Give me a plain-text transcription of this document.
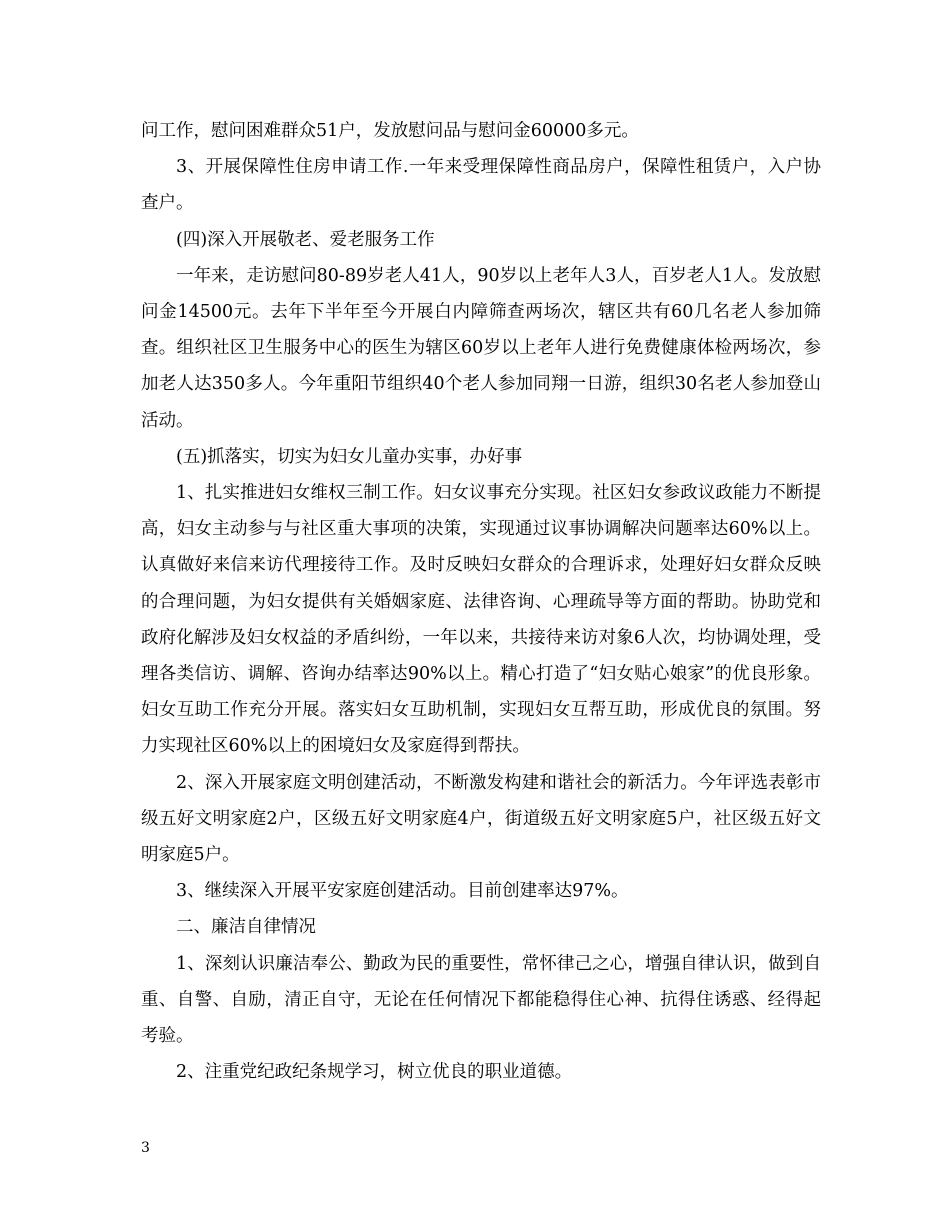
问工作，慰问困难群众51户，发放慰问品与慰问金60000多元。

3、开展保障性住房申请工作.一年来受理保障性商品房户，保障性租赁户，入户协查户。

(四)深入开展敬老、爱老服务工作

一年来，走访慰问80-89岁老人41人，90岁以上老年人3人，百岁老人1人。发放慰问金14500元。去年下半年至今开展白内障筛查两场次，辖区共有60几名老人参加筛查。组织社区卫生服务中心的医生为辖区60岁以上老年人进行免费健康体检两场次，参加老人达350多人。今年重阳节组织40个老人参加同翔一日游，组织30名老人参加登山活动。

(五)抓落实，切实为妇女儿童办实事，办好事

1、扎实推进妇女维权三制工作。妇女议事充分实现。社区妇女参政议政能力不断提高，妇女主动参与与社区重大事项的决策，实现通过议事协调解决问题率达60%以上。认真做好来信来访代理接待工作。及时反映妇女群众的合理诉求，处理好妇女群众反映的合理问题，为妇女提供有关婚姻家庭、法律咨询、心理疏导等方面的帮助。协助党和政府化解涉及妇女权益的矛盾纠纷，一年以来，共接待来访对象6人次，均协调处理，受理各类信访、调解、咨询办结率达90%以上。精心打造了“妇女贴心娘家”的优良形象。妇女互助工作充分开展。落实妇女互助机制，实现妇女互帮互助，形成优良的氛围。努力实现社区60%以上的困境妇女及家庭得到帮扶。

2、深入开展家庭文明创建活动，不断激发构建和谐社会的新活力。今年评选表彰市级五好文明家庭2户，区级五好文明家庭4户，街道级五好文明家庭5户，社区级五好文明家庭5户。

3、继续深入开展平安家庭创建活动。目前创建率达97%。

二、廉洁自律情况

1、深刻认识廉洁奉公、勤政为民的重要性，常怀律己之心，增强自律认识，做到自重、自警、自励，清正自守，无论在任何情况下都能稳得住心神、抗得住诱惑、经得起考验。

2、注重党纪政纪条规学习，树立优良的职业道德。

3
